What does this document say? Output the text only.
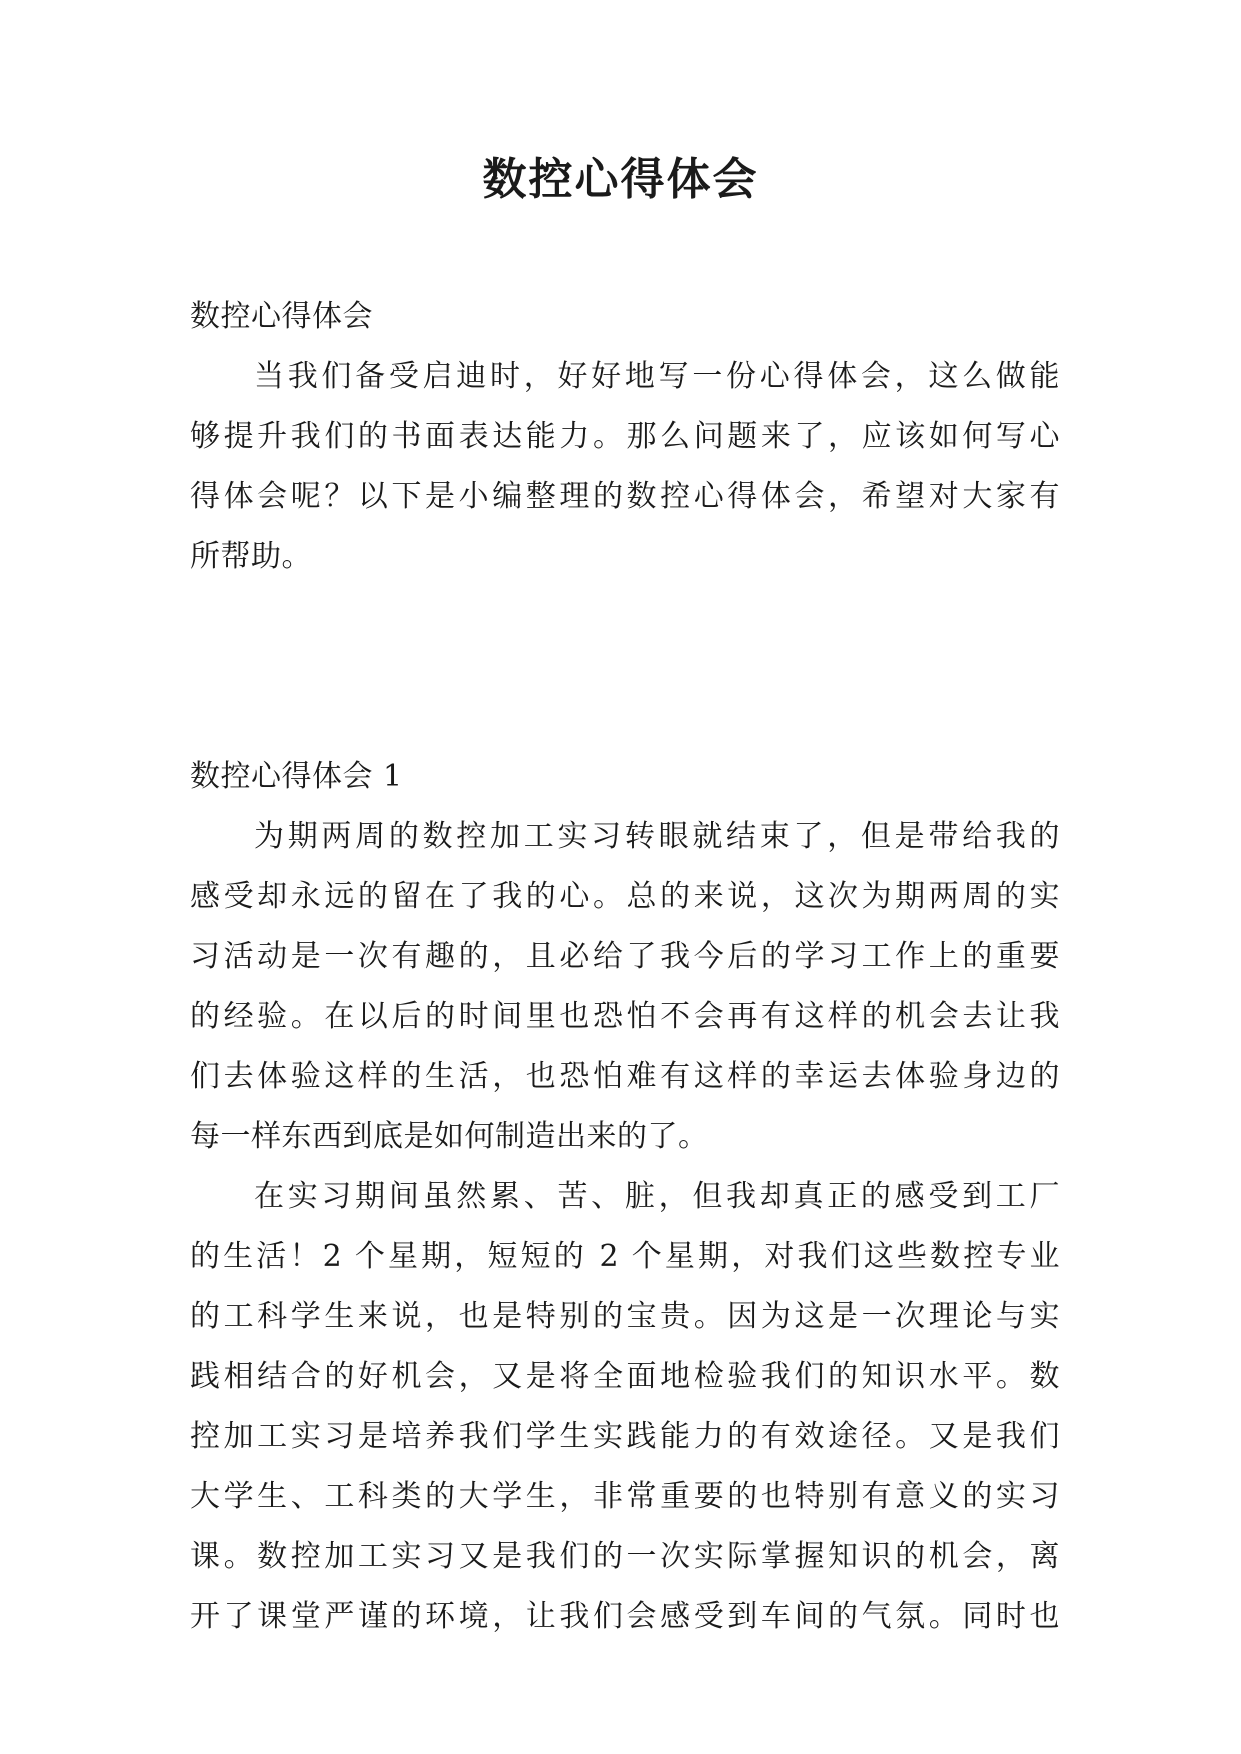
数控心得体会

数控心得体会

当我们备受启迪时，好好地写一份心得体会，这么做能

够提升我们的书面表达能力。那么问题来了，应该如何写心

得体会呢？以下是小编整理的数控心得体会，希望对大家有

所帮助。

数控心得体会 1

为期两周的数控加工实习转眼就结束了，但是带给我的

感受却永远的留在了我的心。总的来说，这次为期两周的实

习活动是一次有趣的，且必给了我今后的学习工作上的重要

的经验。在以后的时间里也恐怕不会再有这样的机会去让我

们去体验这样的生活，也恐怕难有这样的幸运去体验身边的

每一样东西到底是如何制造出来的了。

在实习期间虽然累、苦、脏，但我却真正的感受到工厂

的生活！2 个星期，短短的 2 个星期，对我们这些数控专业

的工科学生来说，也是特别的宝贵。因为这是一次理论与实

践相结合的好机会，又是将全面地检验我们的知识水平。数

控加工实习是培养我们学生实践能力的有效途径。又是我们

大学生、工科类的大学生，非常重要的也特别有意义的实习

课。数控加工实习又是我们的一次实际掌握知识的机会，离

开了课堂严谨的环境，让我们会感受到车间的气氛。同时也
